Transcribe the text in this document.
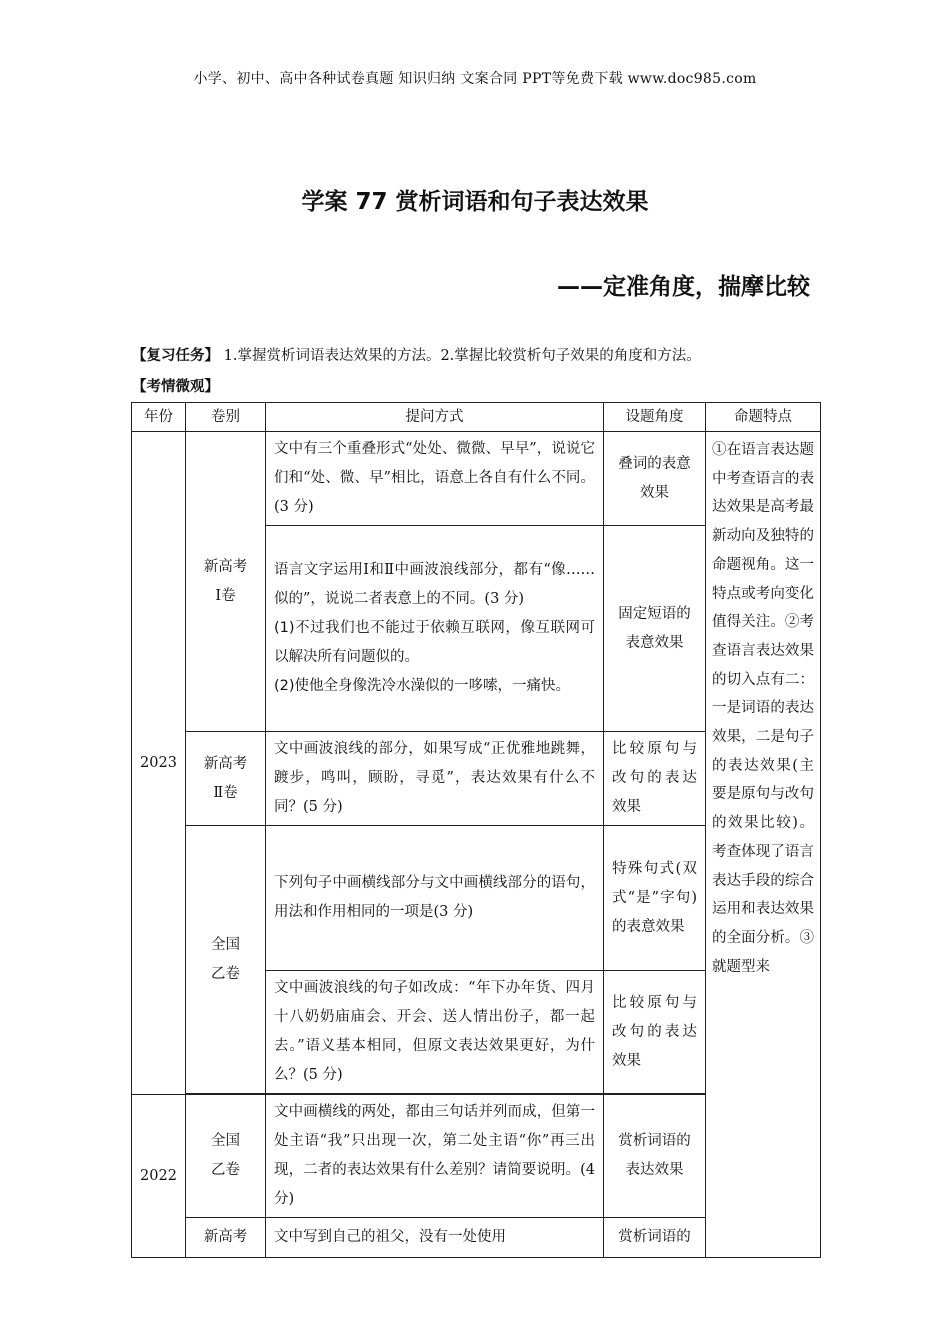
小学、初中、高中各种试卷真题 知识归纳 文案合同 PPT等免费下载 www.doc985.com
学案 77 赏析词语和句子表达效果
——定准角度，揣摩比较
【复习任务】 1.掌握赏析词语表达效果的方法。2.掌握比较赏析句子效果的角度和方法。
【考情微观】
年份	卷别	提问方式	设题角度	命题特点
2023	新高考
Ⅰ卷	文中有三个重叠形式“处处、微微、早早”，说说它们和“处、微、早”相比，语意上各自有什么不同。(3 分)	叠词的表意效果	①在语言表达题中考查语言的表达效果是高考最新动向及独特的命题视角。这一特点或考向变化值得关注。②考查语言表达效果的切入点有二：一是词语的表达效果，二是句子的表达效果(主要是原句与改句的效果比较)。考查体现了语言表达手段的综合运用和表达效果的全面分析。③就题型来

		语言文字运用Ⅰ和Ⅱ中画波浪线部分，都有“像……似的”，说说二者表意上的不同。(3 分)
(1)不过我们也不能过于依赖互联网，像互联网可以解决所有问题似的。
(2)使他全身像洗冷水澡似的一哆嗦，一痛快。	固定短语的表意效果	
	新高考
Ⅱ卷	文中画波浪线的部分，如果写成“正优雅地跳舞，踱步，鸣叫，顾盼，寻觅”，表达效果有什么不同？(5 分)	比较原句与改句的表达效果	
	全国
乙卷	下列句子中画横线部分与文中画横线部分的语句，用法和作用相同的一项是(3 分)	特殊句式(双式“是”字句)的表意效果	
		文中画波浪线的句子如改成：“年下办年货、四月十八奶奶庙庙会、开会、送人情出份子，都一起去。”语义基本相同，但原文表达效果更好，为什么？(5 分)	比较原句与改句的表达效果	

2022	全国
乙卷	文中画横线的两处，都由三句话并列而成，但第一处主语“我”只出现一次，第二处主语“你”再三出现，二者的表达效果有什么差别？请简要说明。(4 分)	赏析词语的表达效果	
	新高考	文中写到自己的祖父，没有一处使用	赏析词语的	
